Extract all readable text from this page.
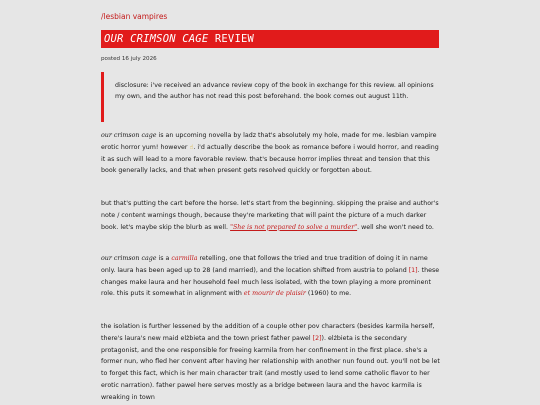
/lesbian vampires
OUR CRIMSON CAGE REVIEW
posted 16 july 2026

disclosure: i've received an advance review copy of the book in exchange for this review. all opinions my own, and the author has not read this post beforehand. the book comes out august 11th.

our crimson cage is an upcoming novella by ladz that's absolutely my hole, made for me. lesbian vampire erotic horror yum! however ☝. i'd actually describe the book as romance before i would horror, and reading it as such will lead to a more favorable review. that's because horror implies threat and tension that this book generally lacks, and that when present gets resolved quickly or forgotten about.

but that's putting the cart before the horse. let's start from the beginning. skipping the praise and author's note / content warnings though, because they're marketing that will paint the picture of a much darker book. let's maybe skip the blurb as well. "She is not prepared to solve a murder". well she won't need to.

our crimson cage is a carmilla retelling, one that follows the tried and true tradition of doing it in name only. laura has been aged up to 28 (and married), and the location shifted from austria to poland [1]. these changes make laura and her household feel much less isolated, with the town playing a more prominent role. this puts it somewhat in alignment with et mourir de plaisir (1960) to me.

the isolation is further lessened by the addition of a couple other pov characters (besides karmila herself, there's laura's new maid elżbieta and the town priest father pawel [2]). elżbieta is the secondary protagonist, and the one responsible for freeing karmila from her confinement in the first place. she's a former nun, who fled her convent after having her relationship with another nun found out. you'll not be let to forget this fact, which is her main character trait (and mostly used to lend some catholic flavor to her erotic narration). father pawel here serves mostly as a bridge between laura and the havoc karmila is wreaking in town
